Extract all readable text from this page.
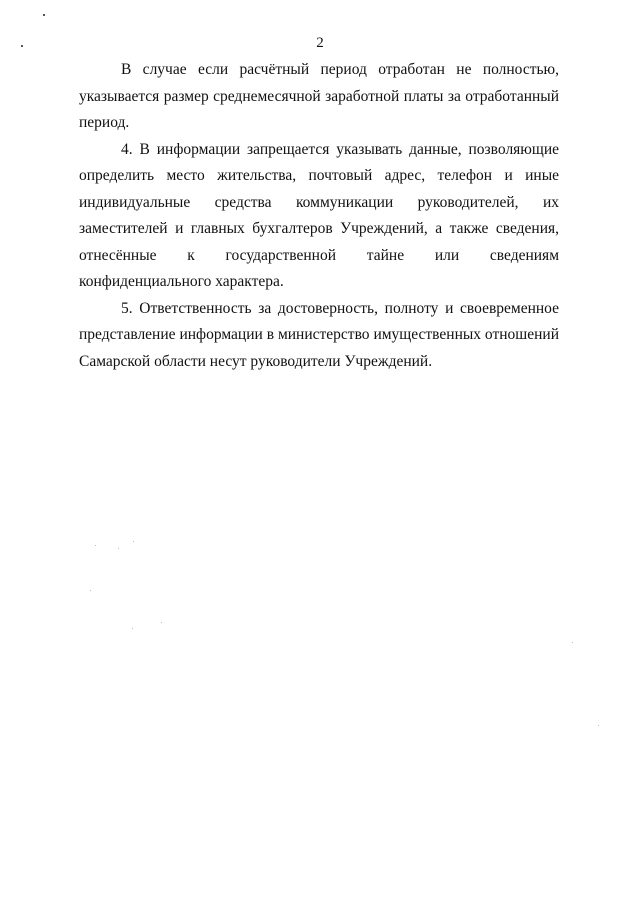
2

В случае если расчётный период отработан не полностью, указывается размер среднемесячной заработной платы за отработанный период.

4. В информации запрещается указывать данные, позволяющие определить место жительства, почтовый адрес, телефон и иные индивидуальные средства коммуникации руководителей, их заместителей и главных бухгалтеров Учреждений, а также сведения, отнесённые к государственной тайне или сведениям конфиденциального характера.

5. Ответственность за достоверность, полноту и своевременное представление информации в министерство имущественных отношений Самарской области несут руководители Учреждений.
